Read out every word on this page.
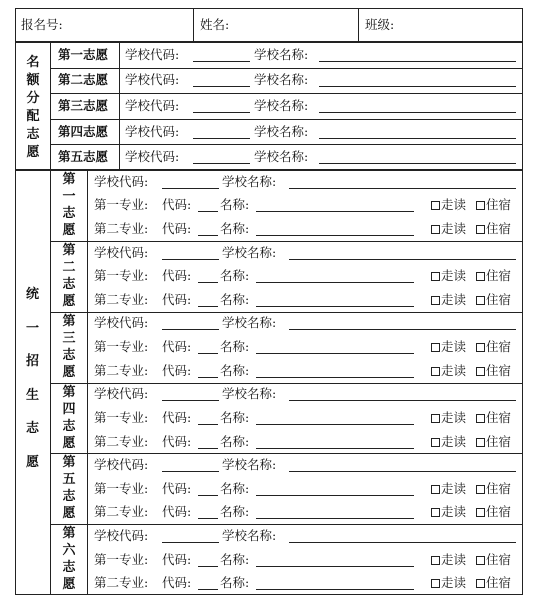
报名号:	姓名:	班级:
名额分配志愿
第一志愿 学校代码:	学校名称:
第二志愿 学校代码:	学校名称:
第三志愿 学校代码:	学校名称:
第四志愿 学校代码:	学校名称:
第五志愿 学校代码:	学校名称:
统
一
招
生
志
愿
第一志愿
学校代码:	学校名称:
第一专业: 代码: 名称:	走读	住宿
第二专业: 代码: 名称:	走读	住宿
第二志愿
学校代码:	学校名称:
第一专业: 代码: 名称:	走读	住宿
第二专业: 代码: 名称:	走读	住宿
第三志愿
学校代码:	学校名称:
第一专业: 代码: 名称:	走读	住宿
第二专业: 代码: 名称:	走读	住宿
第四志愿
学校代码:	学校名称:
第一专业: 代码: 名称:	走读	住宿
第二专业: 代码: 名称:	走读	住宿
第五志愿
学校代码:	学校名称:
第一专业: 代码: 名称:	走读	住宿
第二专业: 代码: 名称:	走读	住宿
第六志愿
学校代码:	学校名称:
第一专业: 代码: 名称:	走读	住宿
第二专业: 代码: 名称:	走读	住宿
